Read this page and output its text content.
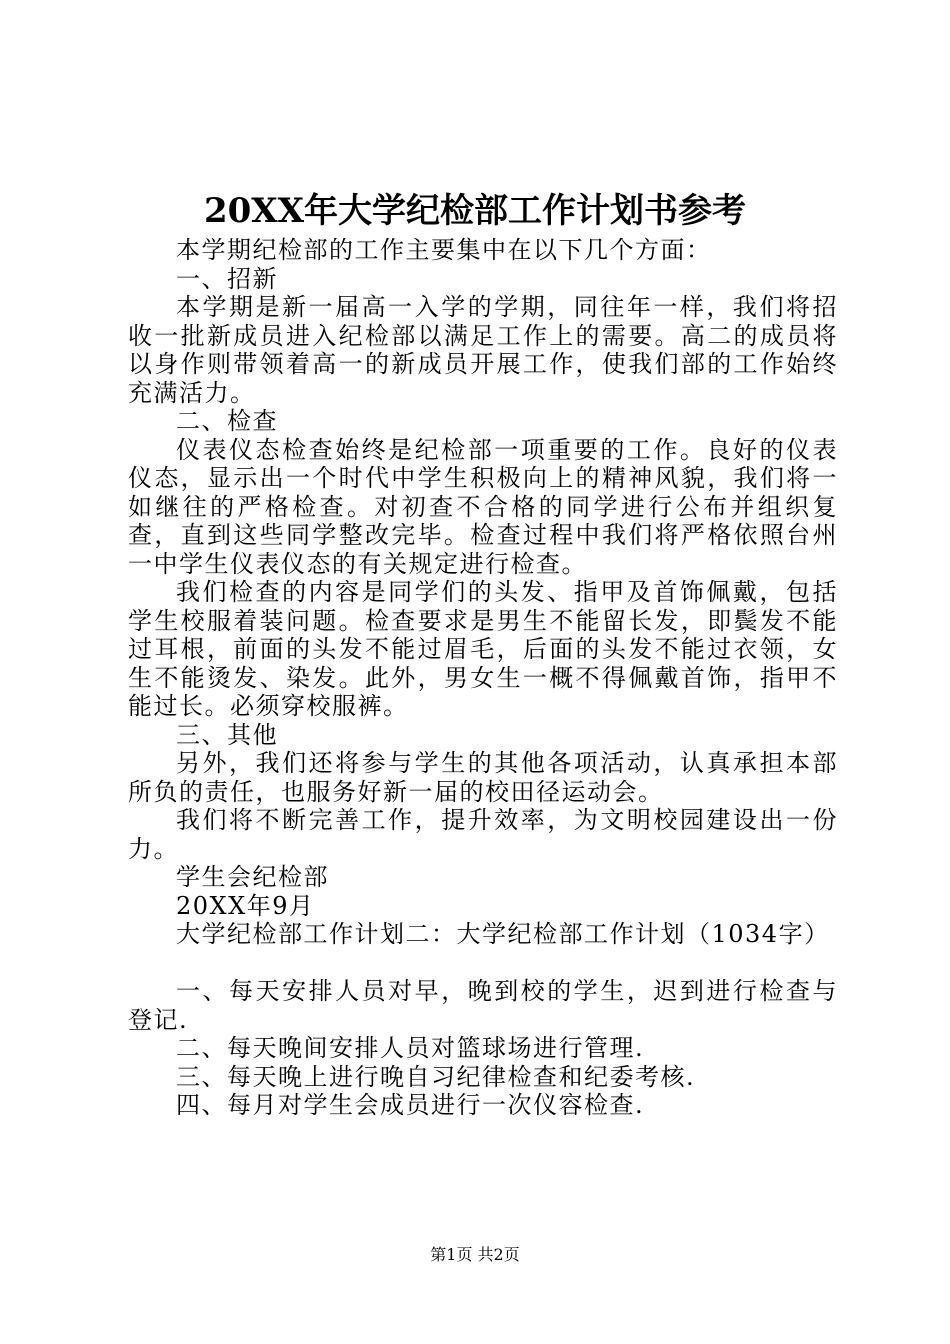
20XX年大学纪检部工作计划书参考

本学期纪检部的工作主要集中在以下几个方面：

一、招新

本学期是新一届高一入学的学期，同往年一样，我们将招收一批新成员进入纪检部以满足工作上的需要。高二的成员将以身作则带领着高一的新成员开展工作，使我们部的工作始终充满活力。

二、检查

仪表仪态检查始终是纪检部一项重要的工作。良好的仪表仪态，显示出一个时代中学生积极向上的精神风貌，我们将一如继往的严格检查。对初查不合格的同学进行公布并组织复查，直到这些同学整改完毕。检查过程中我们将严格依照台州一中学生仪表仪态的有关规定进行检查。

我们检查的内容是同学们的头发、指甲及首饰佩戴，包括学生校服着装问题。检查要求是男生不能留长发，即鬓发不能过耳根，前面的头发不能过眉毛，后面的头发不能过衣领，女生不能烫发、染发。此外，男女生一概不得佩戴首饰，指甲不能过长。必须穿校服裤。

三、其他

另外，我们还将参与学生的其他各项活动，认真承担本部所负的责任，也服务好新一届的校田径运动会。

我们将不断完善工作，提升效率，为文明校园建设出一份力。

学生会纪检部

20XX年9月

大学纪检部工作计划二：大学纪检部工作计划（1034字）

一、每天安排人员对早，晚到校的学生，迟到进行检查与登记.

二、每天晚间安排人员对篮球场进行管理.

三、每天晚上进行晚自习纪律检查和纪委考核.

四、每月对学生会成员进行一次仪容检查.

第1页 共2页
